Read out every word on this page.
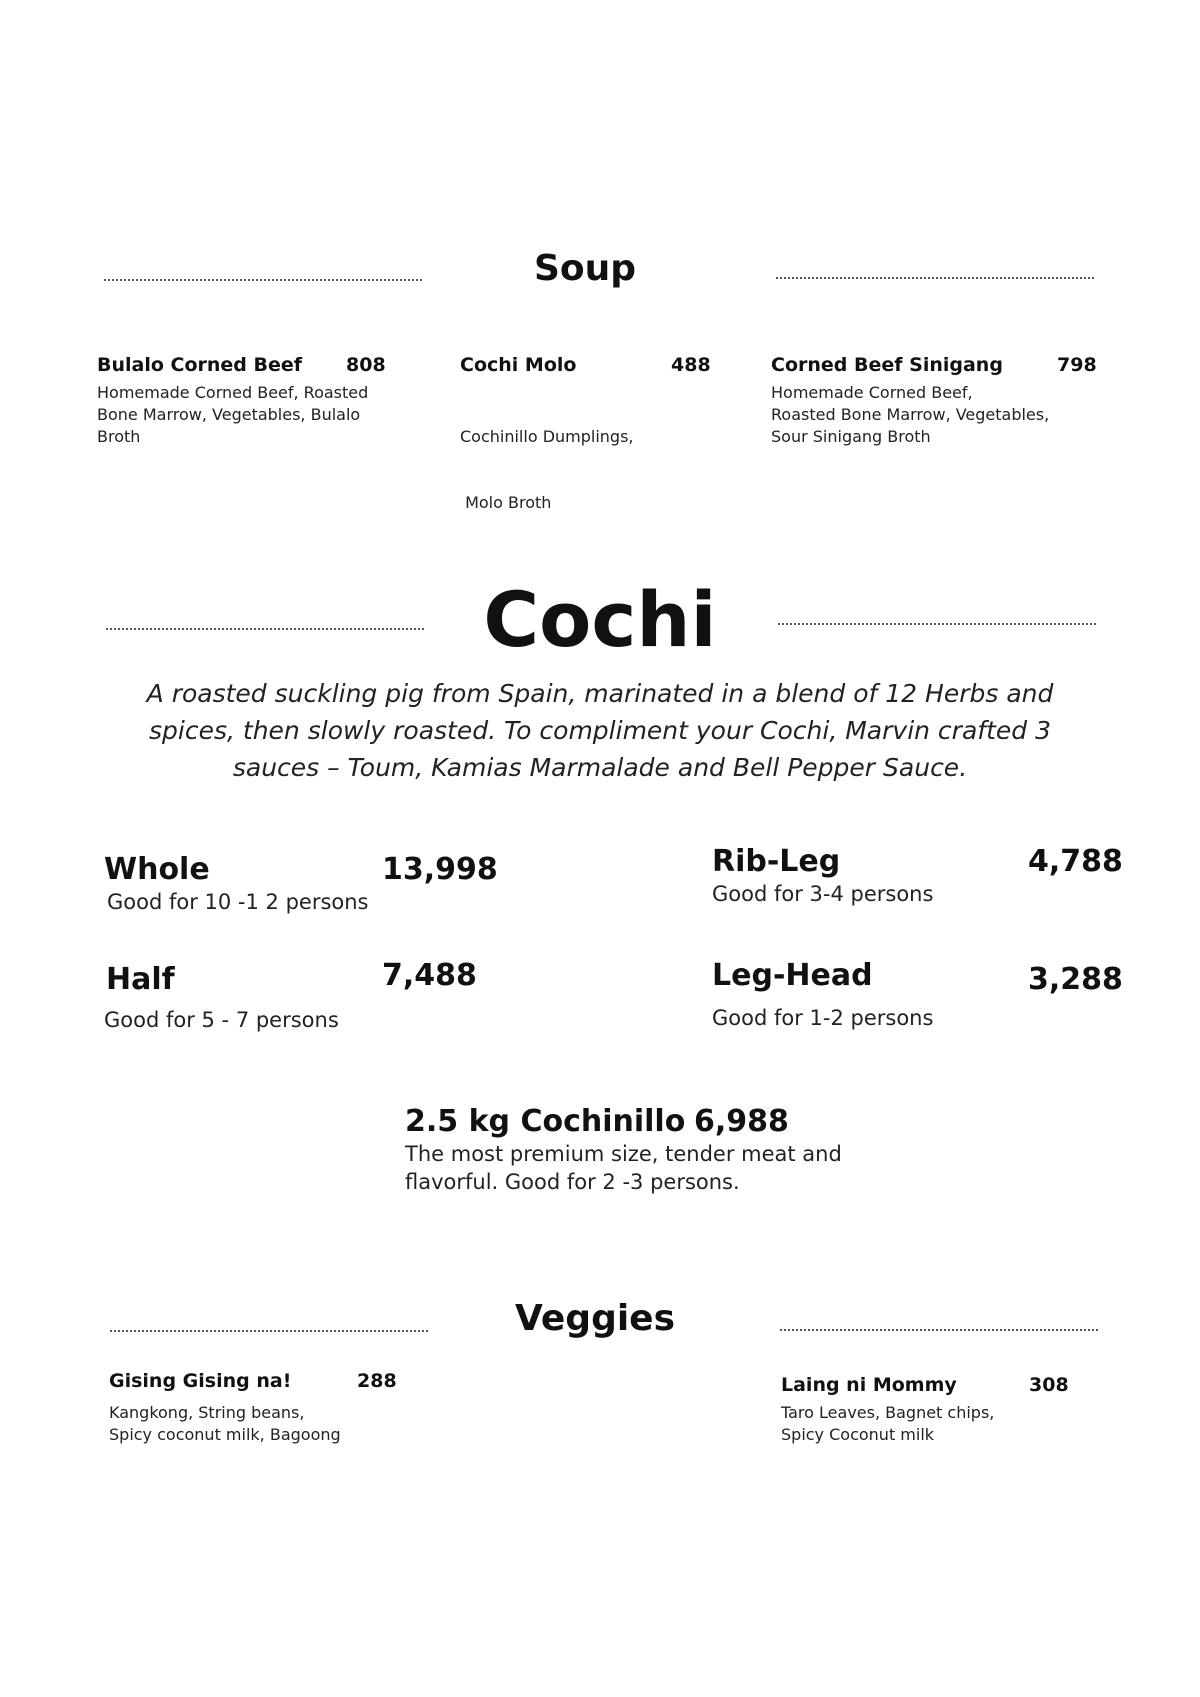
Soup
Bulalo Corned Beef 808
Homemade Corned Beef, Roasted
Bone Marrow, Vegetables, Bulalo
Broth
Cochi Molo	488

Cochinillo Dumplings,

Molo Broth

Corned Beef Sinigang	798
Homemade Corned Beef,
Roasted Bone Marrow, Vegetables,
Sour Sinigang Broth
Cochi
A roasted suckling pig from Spain, marinated in a blend of 12 Herbs and
spices, then slowly roasted. To compliment your Cochi, Marvin crafted 3
sauces – Toum, Kamias Marmalade and Bell Pepper Sauce.
Whole	13,998
Good for 10 -1 2 persons
Rib-Leg	4,788
Good for 3-4 persons
Half	7,488
Good for 5 - 7 persons
Leg-Head	3,288
Good for 1-2 persons
2.5 kg Cochinillo 6,988
The most premium size, tender meat and
flavorful. Good for 2 -3 persons.
Veggies
Gising Gising na!	288
Kangkong, String beans,
Spicy coconut milk, Bagoong
Laing ni Mommy	308
Taro Leaves, Bagnet chips,
Spicy Coconut milk
